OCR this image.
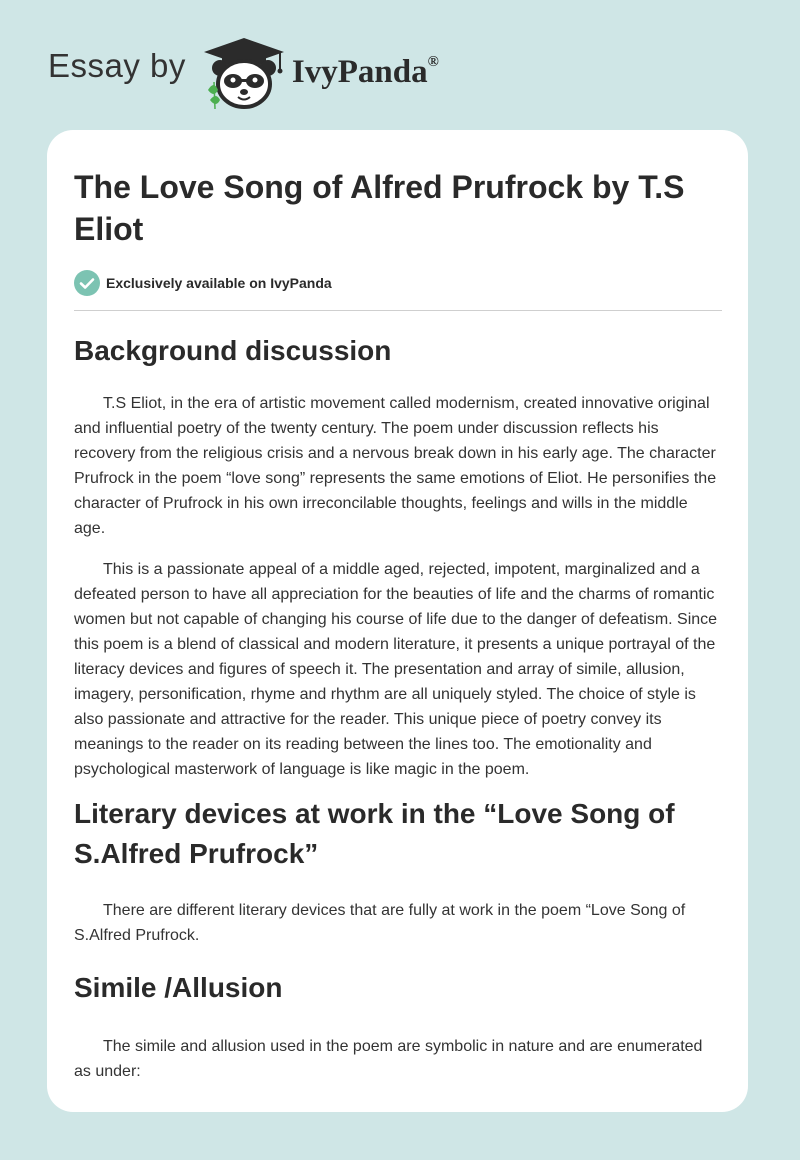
Essay by	IvyPanda®
The Love Song of Alfred Prufrock by T.S Eliot
Exclusively available on IvyPanda
Background discussion

T.S Eliot, in the era of artistic movement called modernism, created innovative original and influential poetry of the twenty century. The poem under discussion reflects his recovery from the religious crisis and a nervous break down in his early age. The character Prufrock in the poem “love song” represents the same emotions of Eliot. He personifies the character of Prufrock in his own irreconcilable thoughts, feelings and wills in the middle age.

This is a passionate appeal of a middle aged, rejected, impotent, marginalized and a defeated person to have all appreciation for the beauties of life and the charms of romantic women but not capable of changing his course of life due to the danger of defeatism. Since this poem is a blend of classical and modern literature, it presents a unique portrayal of the literacy devices and figures of speech it. The presentation and array of simile, allusion, imagery, personification, rhyme and rhythm are all uniquely styled. The choice of style is also passionate and attractive for the reader. This unique piece of poetry convey its meanings to the reader on its reading between the lines too. The emotionality and psychological masterwork of language is like magic in the poem.

Literary devices at work in the “Love Song of S.Alfred Prufrock”

There are different literary devices that are fully at work in the poem “Love Song of S.Alfred Prufrock.

Simile /Allusion

The simile and allusion used in the poem are symbolic in nature and are enumerated as under:
